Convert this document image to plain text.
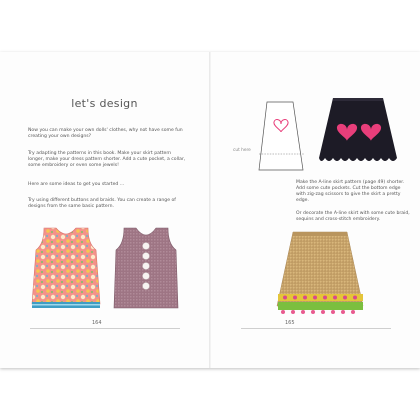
let's design

Now you can make your own dolls' clothes, why not have some fun creating your own designs?

Try adapting the patterns in this book. Make your skirt pattern longer, make your dress pattern shorter. Add a cute pocket, a collar, some embroidery or even some jewels!

Here are some ideas to get you started ...

Try using different buttons and braids. You can create a range of designs from the same basic pattern.

164
cut here

Make the A-line skirt pattern (page 49) shorter. Add some cute pockets. Cut the bottom edge with zig-zag scissors to give the skirt a pretty edge.

Or decorate the A-line skirt with some cute braid, sequins and cross-stitch embroidery.

165
